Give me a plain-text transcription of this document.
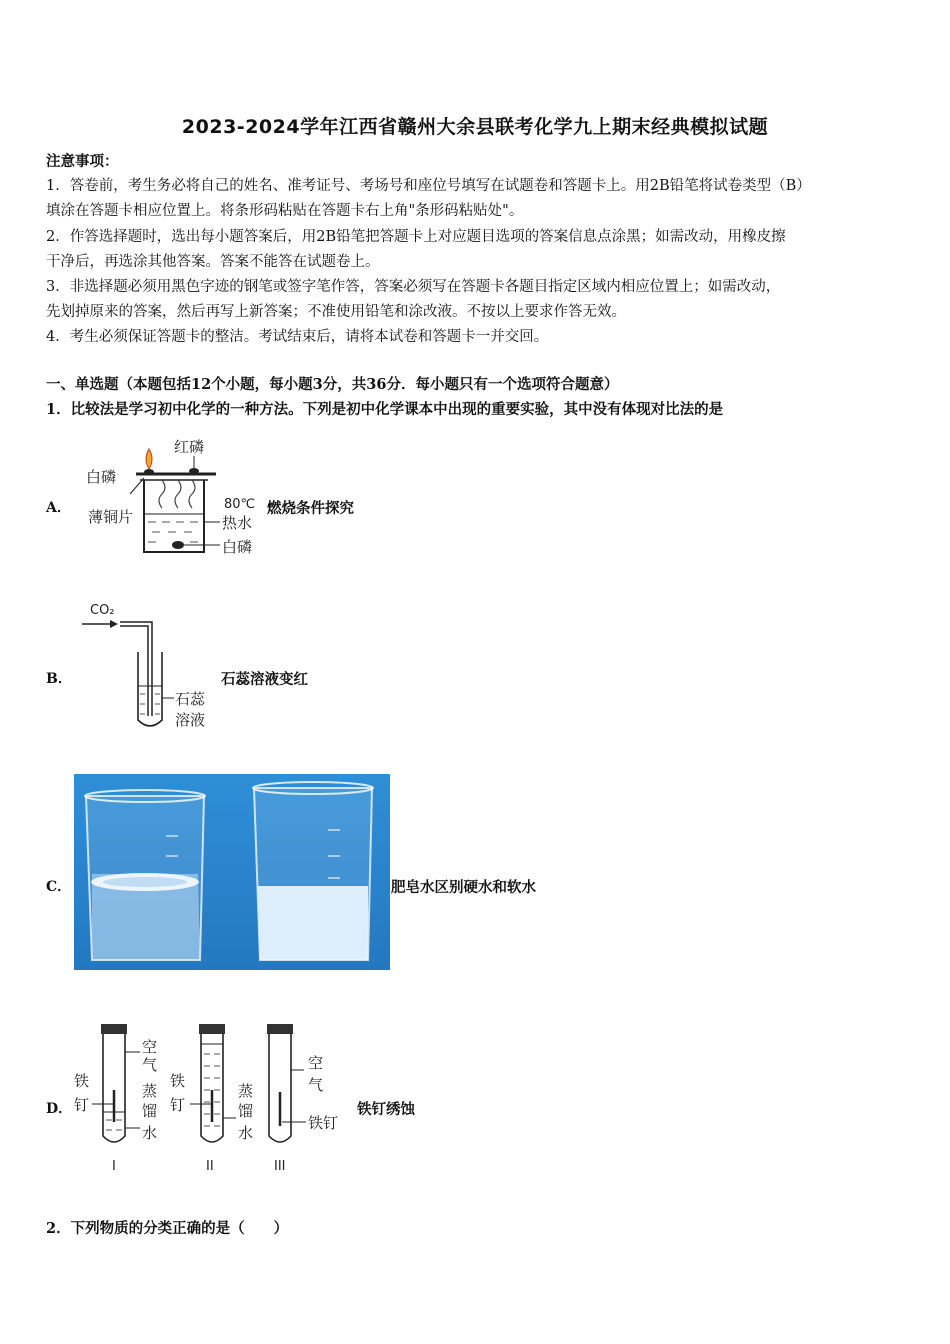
2023-2024学年江西省赣州大余县联考化学九上期末经典模拟试题
注意事项：
1．答卷前，考生务必将自己的姓名、准考证号、考场号和座位号填写在试题卷和答题卡上。用2B铅笔将试卷类型（B）
填涂在答题卡相应位置上。将条形码粘贴在答题卡右上角"条形码粘贴处"。
2．作答选择题时，选出每小题答案后，用2B铅笔把答题卡上对应题目选项的答案信息点涂黑；如需改动，用橡皮擦
干净后，再选涂其他答案。答案不能答在试题卷上。
3．非选择题必须用黑色字迹的钢笔或签字笔作答，答案必须写在答题卡各题目指定区域内相应位置上；如需改动，
先划掉原来的答案，然后再写上新答案；不准使用铅笔和涂改液。不按以上要求作答无效。
4．考生必须保证答题卡的整洁。考试结束后，请将本试卷和答题卡一并交回。
一、单选题（本题包括12个小题，每小题3分，共36分．每小题只有一个选项符合题意）
1．比较法是学习初中化学的一种方法。下列是初中化学课本中出现的重要实验，其中没有体现对比法的是
A．
白磷
红磷
薄铜片
80℃
热水
白磷
燃烧条件探究
B．
CO₂
石蕊
溶液
石蕊溶液变红
C．	肥皂水区别硬水和软水
D．
空
气
铁
钉
蒸
馏
水
I
铁
钉
蒸
馏
水
II
空
气
铁钉
III
铁钉绣蚀
2．下列物质的分类正确的是（　　）
